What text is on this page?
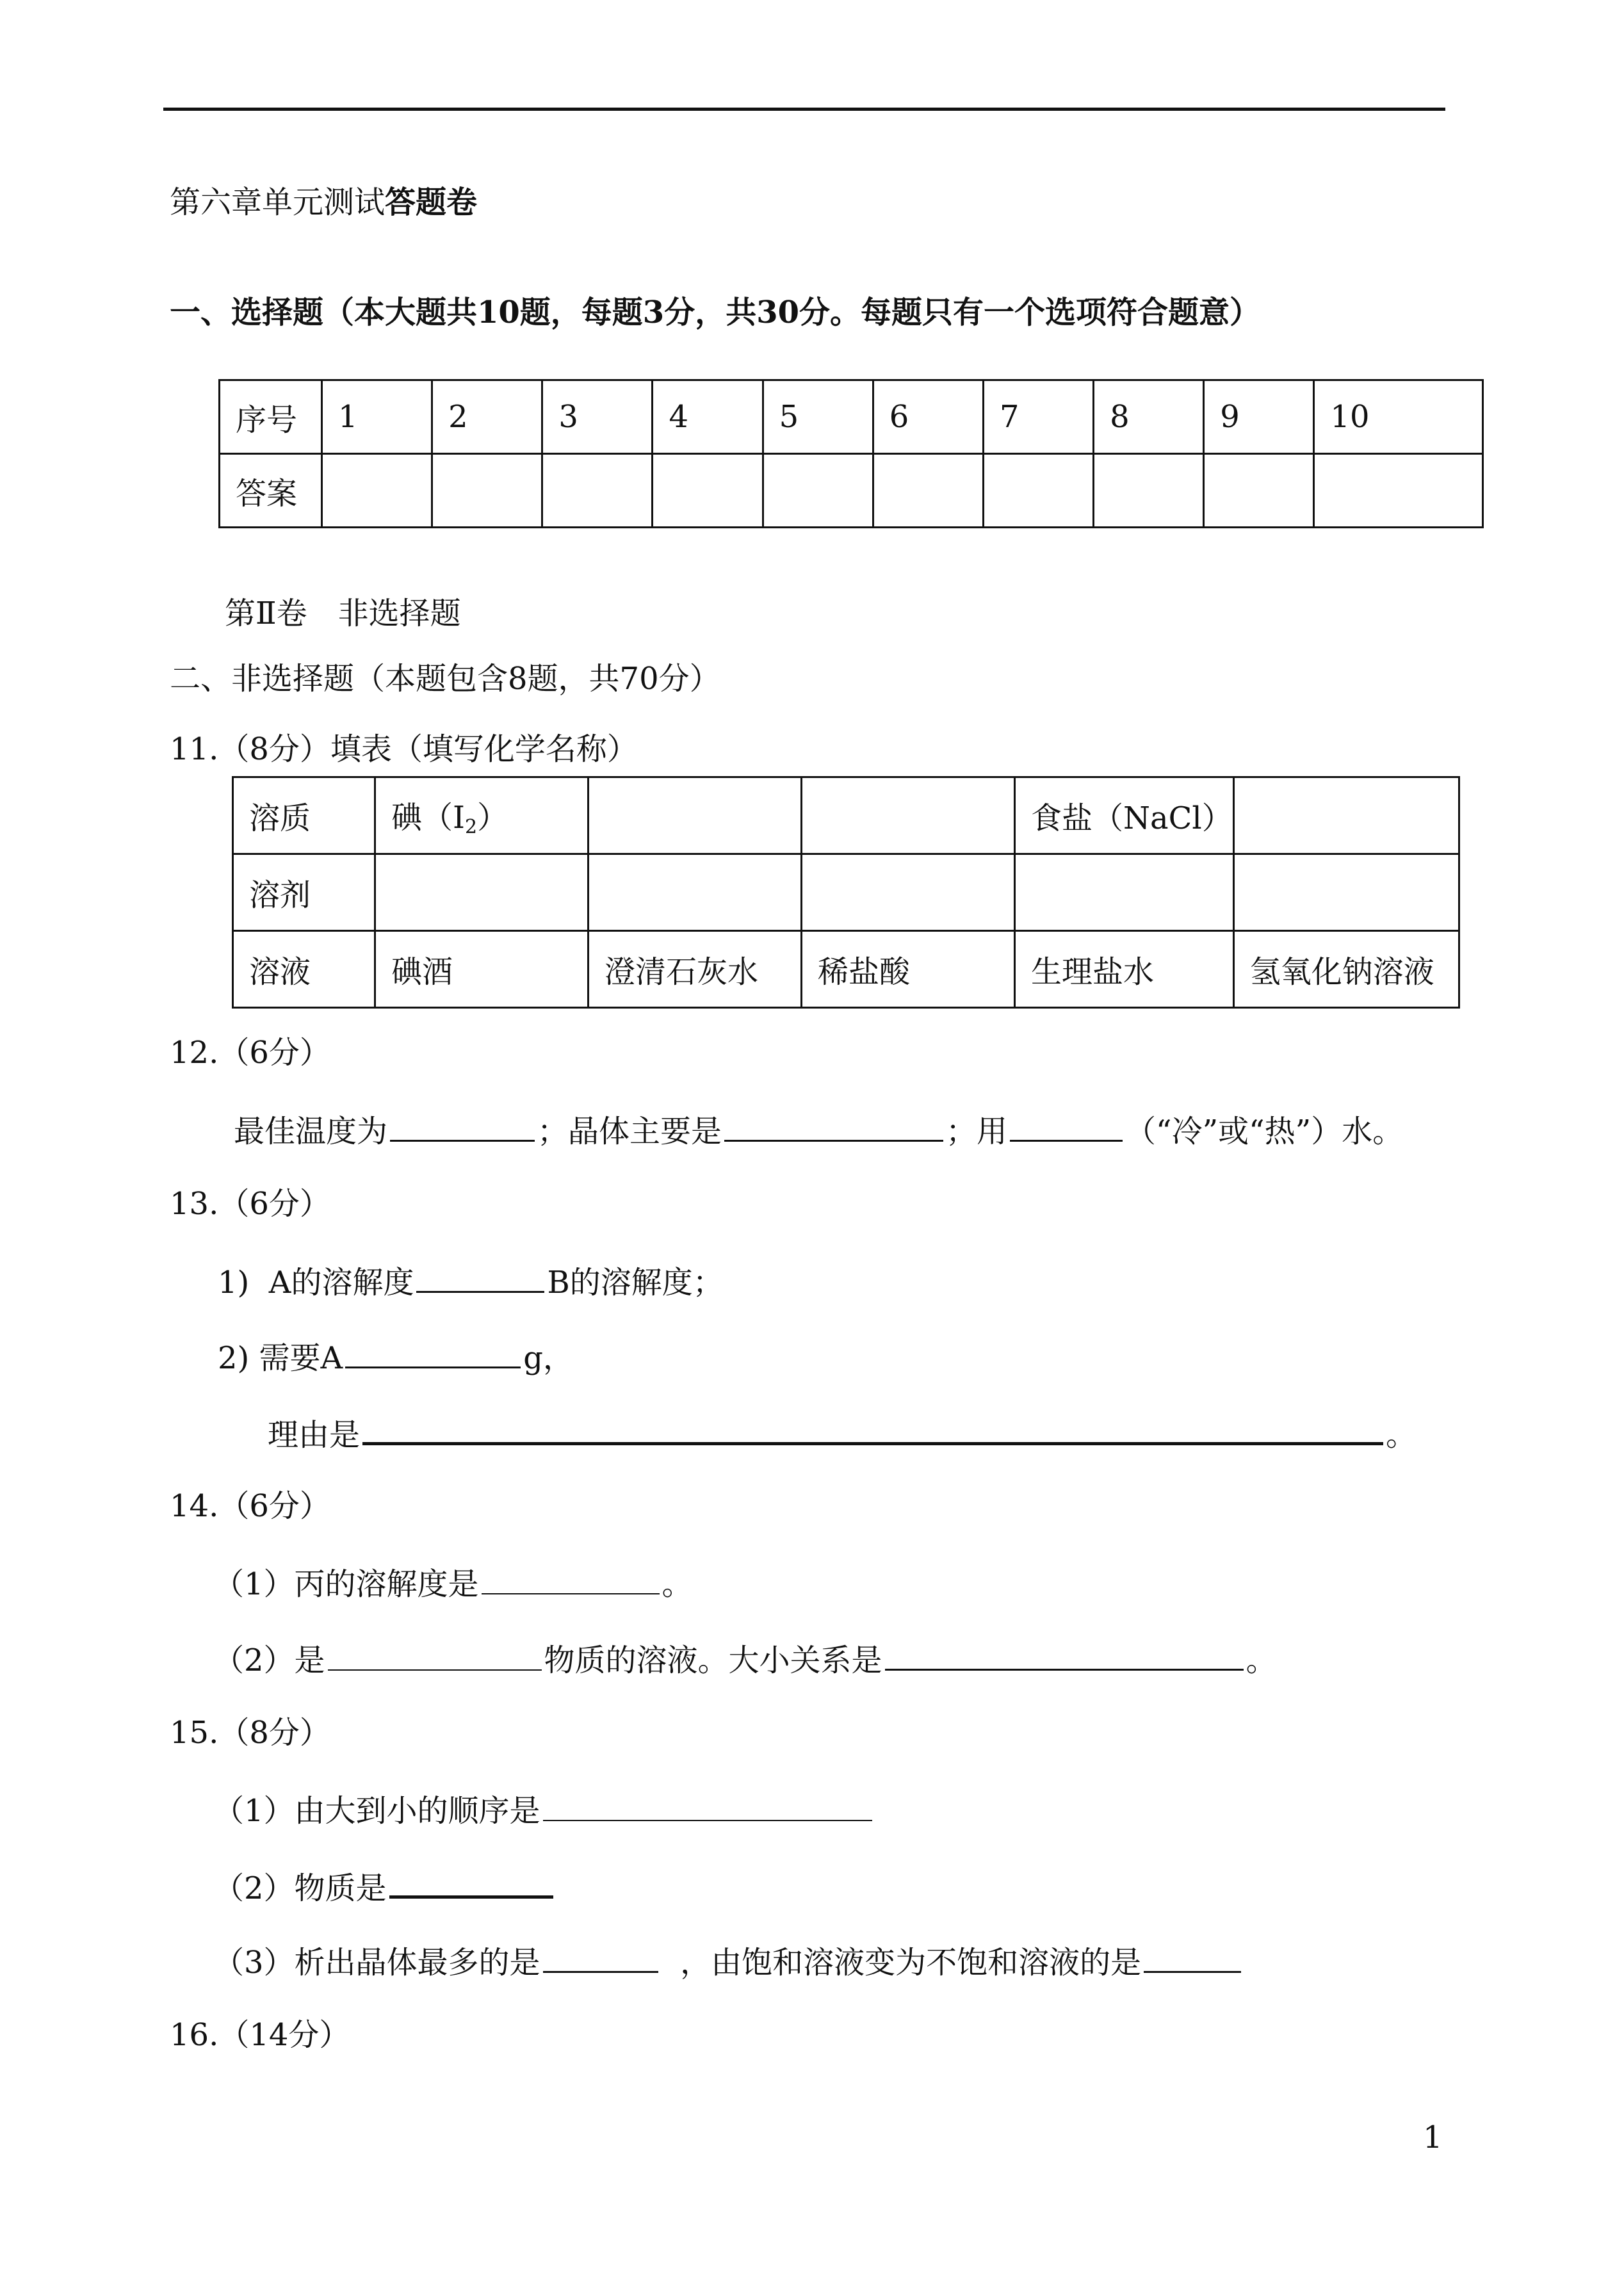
第六章单元测试答题卷
一、选择题（本大题共10题，每题3分，共30分。每题只有一个选项符合题意）
序号	1	2	3	4	5	6	7	8	9	10
答案										
第Ⅱ卷　非选择题
二、非选择题（本题包含8题，共70分）
11.（8分）填表（填写化学名称）
溶质	碘$(I_2)$			食盐（NaCl）	
溶剂					
溶液	碘酒	澄清石灰水	稀盐酸	生理盐水	氢氧化钠溶液
12.（6分）
最佳温度为	；晶体主要是	；用	（“冷”或“热”）水。
13.（6分）
1) A的溶解度	B的溶解度；
2) 需要A	g，
理由是	。
14.（6分）
（1）丙的溶解度是	。
（2）是	物质的溶液。大小关系是	。
15.（8分）
（1）由大到小的顺序是
（2）物质是
（3）析出晶体最多的是	，由饱和溶液变为不饱和溶液的是
16.（14分）
1
